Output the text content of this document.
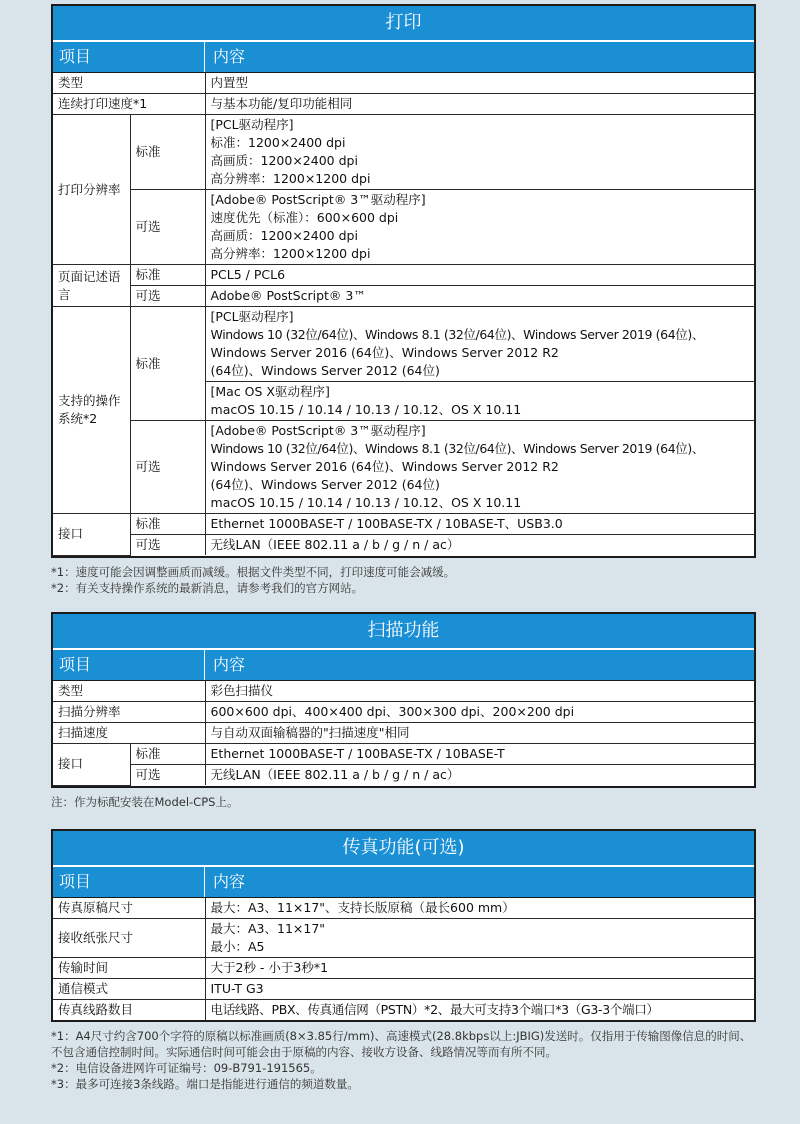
打印
项目	内容
类型		内置型
连续打印速度*1		与基本功能/复印功能相同
打印分辨率	标准	[PCL驱动程序]
标准：1200×2400 dpi
高画质：1200×2400 dpi
高分辨率：1200×1200 dpi

	可选	[Adobe® PostScript® 3™驱动程序]
速度优先（标准）：600×600 dpi
高画质：1200×2400 dpi
高分辨率：1200×1200 dpi

页面记述语言	标准	PCL5 / PCL6
	可选	Adobe® PostScript® 3™
支持的操作系统*2	标准	[PCL驱动程序]
Windows 10 (32位/64位)、Windows 8.1 (32位/64位)、Windows Server 2019 (64位)、
Windows Server 2016 (64位)、Windows Server 2012 R2
(64位)、Windows Server 2012 (64位)

		[Mac OS X驱动程序]
macOS 10.15 / 10.14 / 10.13 / 10.12、OS X 10.11

	可选	[Adobe® PostScript® 3™驱动程序]
Windows 10 (32位/64位)、Windows 8.1 (32位/64位)、Windows Server 2019 (64位)、
Windows Server 2016 (64位)、Windows Server 2012 R2
(64位)、Windows Server 2012 (64位)
macOS 10.15 / 10.14 / 10.13 / 10.12、OS X 10.11

接口	标准	Ethernet 1000BASE-T / 100BASE-TX / 10BASE-T、USB3.0
	可选	无线LAN（IEEE 802.11 a / b / g / n / ac）
*1：速度可能会因调整画质而减缓。根据文件类型不同，打印速度可能会减缓。
*2：有关支持操作系统的最新消息，请参考我们的官方网站。
扫描功能
项目	内容
类型		彩色扫描仪
扫描分辨率		600×600 dpi、400×400 dpi、300×300 dpi、200×200 dpi
扫描速度		与自动双面输稿器的"扫描速度"相同
接口	标准	Ethernet 1000BASE-T / 100BASE-TX / 10BASE-T
	可选	无线LAN（IEEE 802.11 a / b / g / n / ac）
注：作为标配安装在Model-CPS上。
传真功能(可选)
项目	内容
传真原稿尺寸	最大：A3、11×17"、支持长版原稿（最长600 mm）
接收纸张尺寸	最大：A3、11×17"
最小：A5

传输时间	大于2秒 - 小于3秒*1
通信模式	ITU-T G3
传真线路数目	电话线路、PBX、传真通信网（PSTN）*2、最大可支持3个端口*3（G3-3个端口）
*1：A4尺寸约含700个字符的原稿以标准画质(8×3.85行/mm)、高速模式(28.8kbps以上:JBIG)发送时。仅指用于传输图像信息的时间、不包含通信控制时间。实际通信时间可能会由于原稿的内容、接收方设备、线路情况等而有所不同。
*2：电信设备进网许可证编号：09-B791-191565。
*3：最多可连接3条线路。端口是指能进行通信的频道数量。
